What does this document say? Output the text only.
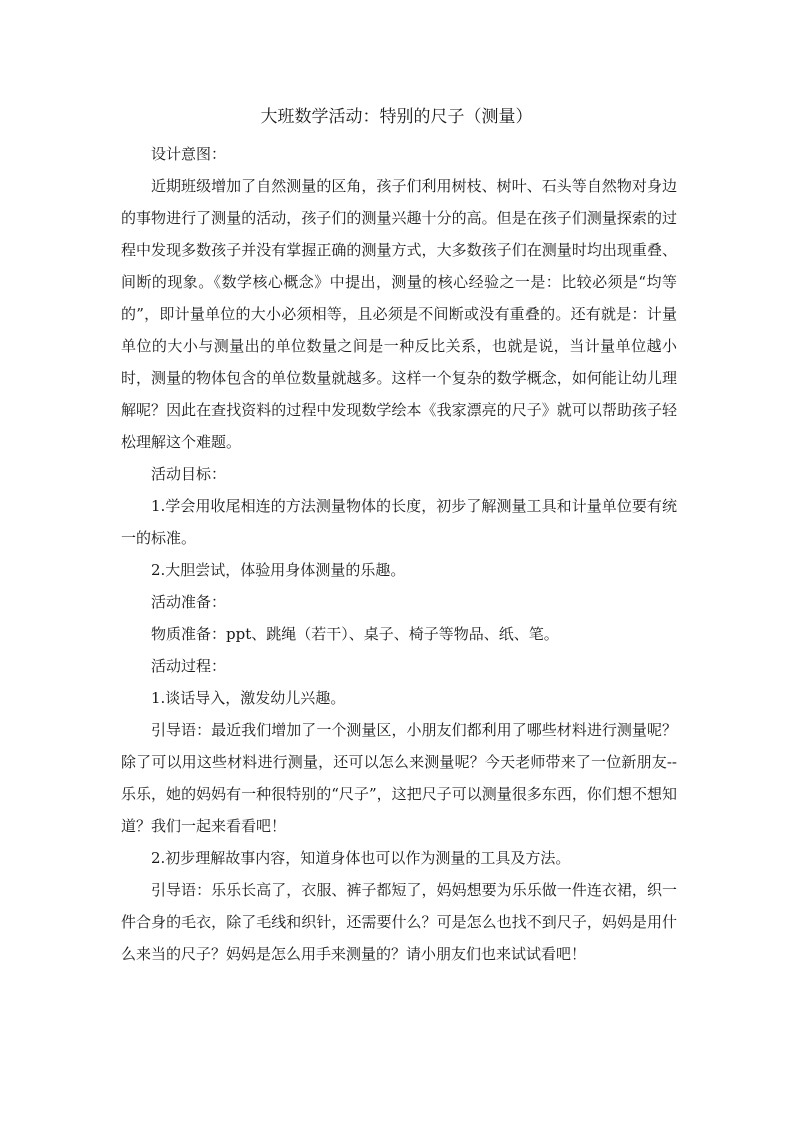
大班数学活动：特别的尺子（测量）

设计意图：

近期班级增加了自然测量的区角，孩子们利用树枝、树叶、石头等自然物对身边的事物进行了测量的活动，孩子们的测量兴趣十分的高。但是在孩子们测量探索的过程中发现多数孩子并没有掌握正确的测量方式，大多数孩子们在测量时均出现重叠、间断的现象。《数学核心概念》中提出，测量的核心经验之一是：比较必须是“均等的”，即计量单位的大小必须相等，且必须是不间断或没有重叠的。还有就是：计量单位的大小与测量出的单位数量之间是一种反比关系，也就是说，当计量单位越小时，测量的物体包含的单位数量就越多。这样一个复杂的数学概念，如何能让幼儿理解呢？因此在查找资料的过程中发现数学绘本《我家漂亮的尺子》就可以帮助孩子轻松理解这个难题。

活动目标：

1.学会用收尾相连的方法测量物体的长度，初步了解测量工具和计量单位要有统一的标准。

2.大胆尝试，体验用身体测量的乐趣。

活动准备：

物质准备：ppt、跳绳（若干）、桌子、椅子等物品、纸、笔。

活动过程：

1.谈话导入，激发幼儿兴趣。

引导语：最近我们增加了一个测量区，小朋友们都利用了哪些材料进行测量呢？除了可以用这些材料进行测量，还可以怎么来测量呢？今天老师带来了一位新朋友--乐乐，她的妈妈有一种很特别的“尺子”，这把尺子可以测量很多东西，你们想不想知道？我们一起来看看吧！

2.初步理解故事内容，知道身体也可以作为测量的工具及方法。

引导语：乐乐长高了，衣服、裤子都短了，妈妈想要为乐乐做一件连衣裙，织一件合身的毛衣，除了毛线和织针，还需要什么？可是怎么也找不到尺子，妈妈是用什么来当的尺子？妈妈是怎么用手来测量的？请小朋友们也来试试看吧！
